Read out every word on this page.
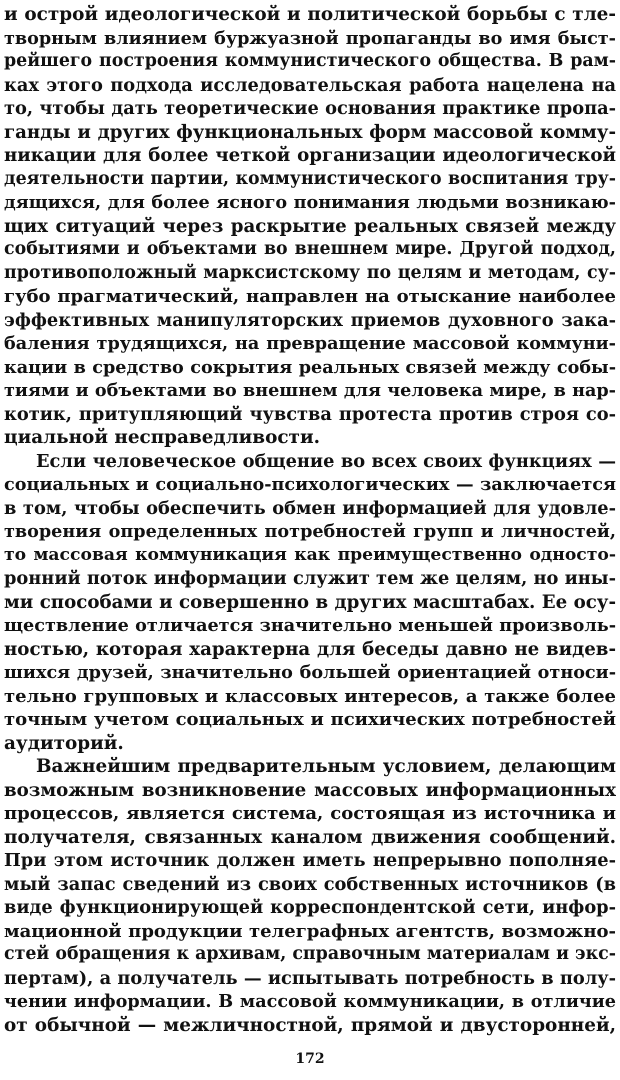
и острой идеологической и политической борьбы с тле-
творным влиянием буржуазной пропаганды во имя быст-
рейшего построения коммунистического общества. В рам-
ках этого подхода исследовательская работа нацелена на
то, чтобы дать теоретические основания практике пропа-
ганды и других функциональных форм массовой комму-
никации для более четкой организации идеологической
деятельности партии, коммунистического воспитания тру-
дящихся, для более ясного понимания людьми возникаю-
щих ситуаций через раскрытие реальных связей между
событиями и объектами во внешнем мире. Другой подход,
противоположный марксистскому по целям и методам, су-
губо прагматический, направлен на отыскание наиболее
эффективных манипуляторских приемов духовного зака-
баления трудящихся, на превращение массовой коммуни-
кации в средство сокрытия реальных связей между собы-
тиями и объектами во внешнем для человека мире, в нар-
котик, притупляющий чувства протеста против строя со-
циальной несправедливости.
Если человеческое общение во всех своих функциях —
социальных и социально-психологических — заключается
в том, чтобы обеспечить обмен информацией для удовле-
творения определенных потребностей групп и личностей,
то массовая коммуникация как преимущественно односто-
ронний поток информации служит тем же целям, но ины-
ми способами и совершенно в других масштабах. Ее осу-
ществление отличается значительно меньшей произволь-
ностью, которая характерна для беседы давно не видев-
шихся друзей, значительно большей ориентацией относи-
тельно групповых и классовых интересов, а также более
точным учетом социальных и психических потребностей
аудиторий.
Важнейшим предварительным условием, делающим
возможным возникновение массовых информационных
процессов, является система, состоящая из источника и
получателя, связанных каналом движения сообщений.
При этом источник должен иметь непрерывно пополняе-
мый запас сведений из своих собственных источников (в
виде функционирующей корреспондентской сети, инфор-
мационной продукции телеграфных агентств, возможно-
стей обращения к архивам, справочным материалам и экс-
пертам), а получатель — испытывать потребность в полу-
чении информации. В массовой коммуникации, в отличие
от обычной — межличностной, прямой и двусторонней,
172
